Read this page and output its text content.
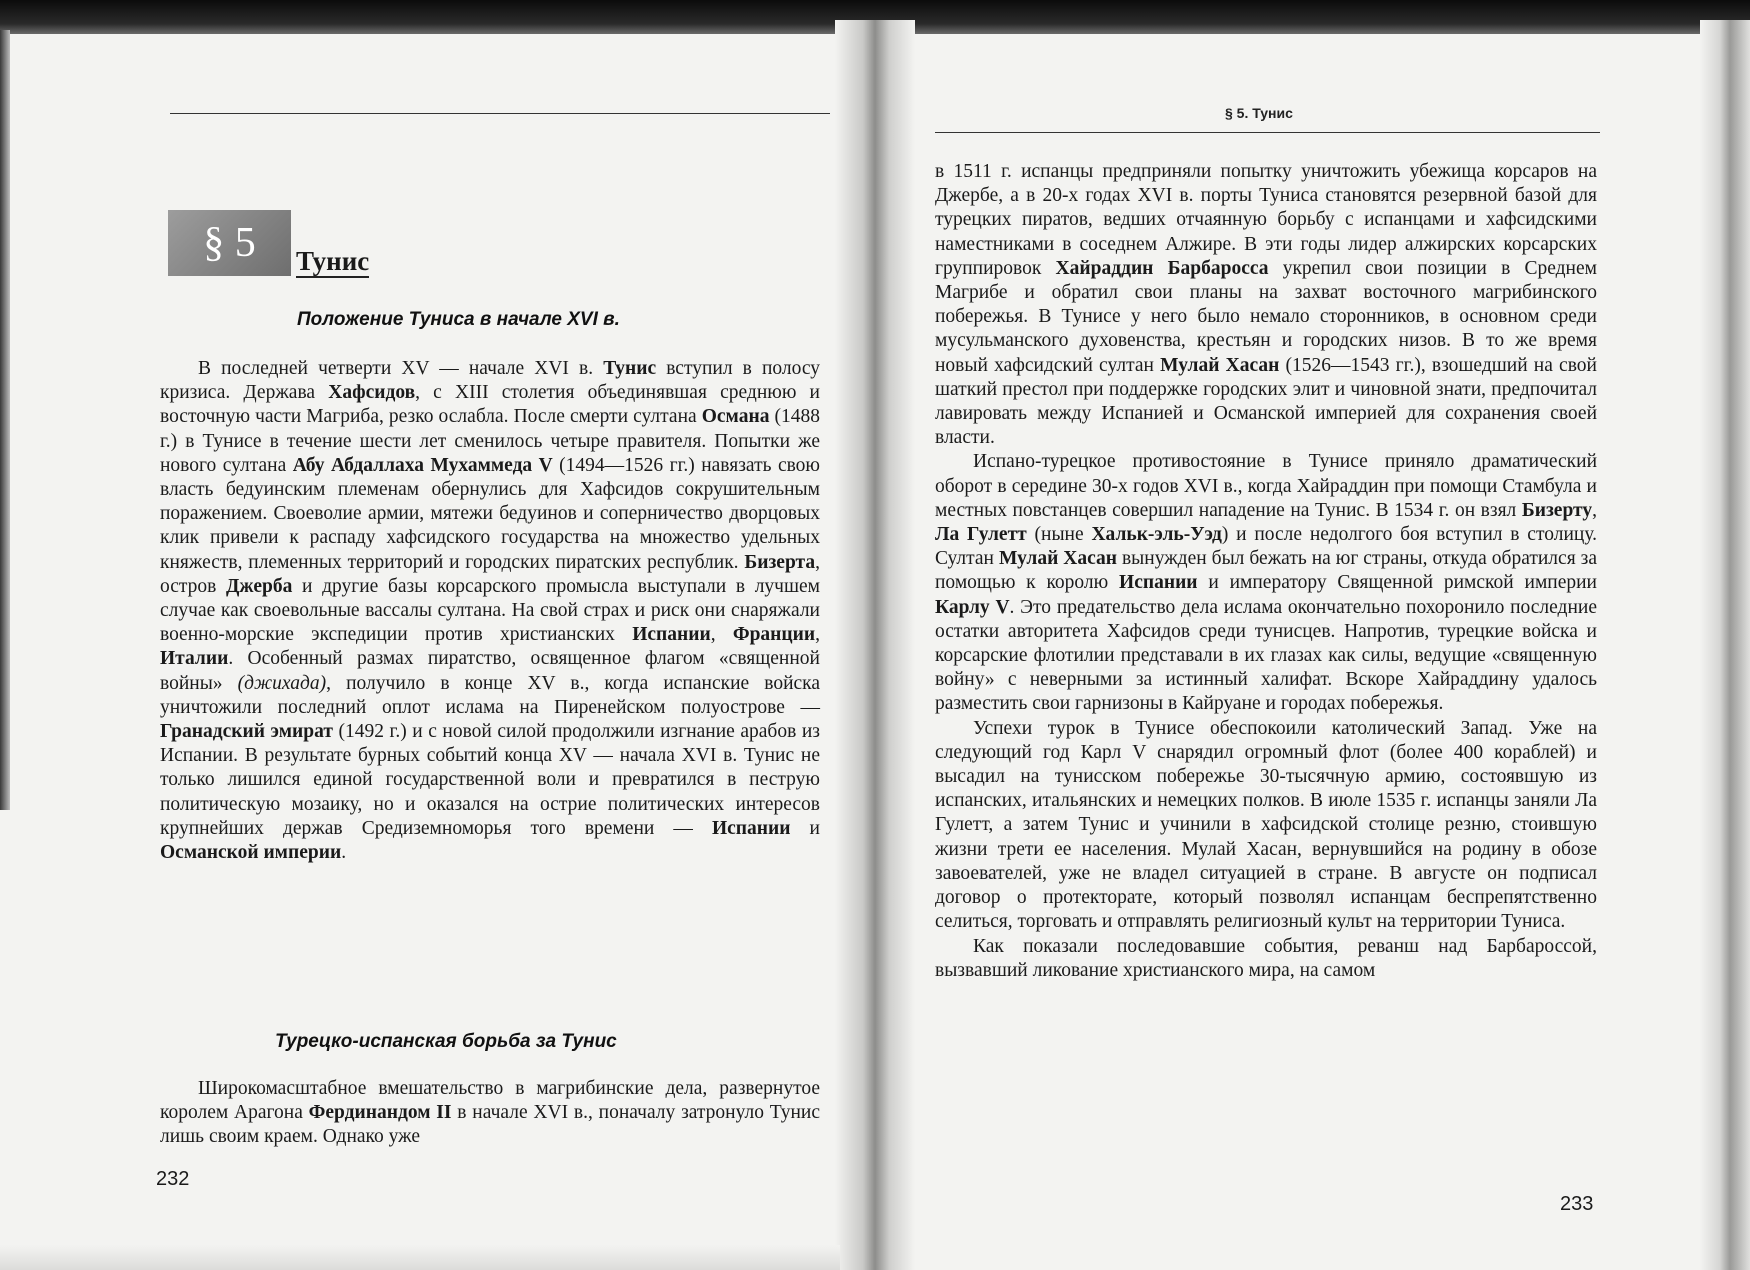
§ 5	Тунис
Положение Туниса в начале XVI в.

В последней четверти XV — начале XVI в. Тунис вступил в полосу кризиса. Держава Хафсидов, с XIII столетия объединявшая среднюю и восточную части Магриба, резко ослабла. После смерти султана Османа (1488 г.) в Тунисе в течение шести лет сменилось четыре правителя. Попытки же нового султана Абу Абдаллаха Мухаммеда V (1494—1526 гг.) навязать свою власть бедуинским племенам обернулись для Хафсидов сокрушительным поражением. Своеволие армии, мятежи бедуинов и соперничество дворцовых клик привели к распаду хафсидского государства на множество удельных княжеств, племенных территорий и городских пиратских республик. Бизерта, остров Джерба и другие базы корсарского промысла выступали в лучшем случае как своевольные вассалы султана. На свой страх и риск они снаряжали военно-морские экспедиции против христианских Испании, Франции, Италии. Особенный размах пиратство, освященное флагом «священной войны» (джихада), получило в конце XV в., когда испанские войска уничтожили последний оплот ислама на Пиренейском полуострове — Гранадский эмират (1492 г.) и с новой силой продолжили изгнание арабов из Испании. В результате бурных событий конца XV — начала XVI в. Тунис не только лишился единой государственной воли и превратился в пеструю политическую мозаику, но и оказался на острие политических интересов крупнейших держав Средиземноморья того времени — Испании и Османской империи.

Турецко-испанская борьба за Тунис

Широкомасштабное вмешательство в магрибинские дела, развернутое королем Арагона Фердинандом II в начале XVI в., поначалу затронуло Тунис лишь своим краем. Однако уже

232
§ 5. Тунис

в 1511 г. испанцы предприняли попытку уничтожить убежища корсаров на Джербе, а в 20-х годах XVI в. порты Туниса становятся резервной базой для турецких пиратов, ведших отчаянную борьбу с испанцами и хафсидскими наместниками в соседнем Алжире. В эти годы лидер алжирских корсарских группировок Хайраддин Барбаросса укрепил свои позиции в Среднем Магрибе и обратил свои планы на захват восточного магрибинского побережья. В Тунисе у него было немало сторонников, в основном среди мусульманского духовенства, крестьян и городских низов. В то же время новый хафсидский султан Мулай Хасан (1526—1543 гг.), взошедший на свой шаткий престол при поддержке городских элит и чиновной знати, предпочитал лавировать между Испанией и Османской империей для сохранения своей власти.

Испано-турецкое противостояние в Тунисе приняло драматический оборот в середине 30-х годов XVI в., когда Хайраддин при помощи Стамбула и местных повстанцев совершил нападение на Тунис. В 1534 г. он взял Бизерту, Ла Гулетт (ныне Хальк-эль-Уэд) и после недолгого боя вступил в столицу. Султан Мулай Хасан вынужден был бежать на юг страны, откуда обратился за помощью к королю Испании и императору Священной римской империи Карлу V. Это предательство дела ислама окончательно похоронило последние остатки авторитета Хафсидов среди тунисцев. Напротив, турецкие войска и корсарские флотилии представали в их глазах как силы, ведущие «священную войну» с неверными за истинный халифат. Вскоре Хайраддину удалось разместить свои гарнизоны в Кайруане и городах побережья.

Успехи турок в Тунисе обеспокоили католический Запад. Уже на следующий год Карл V снарядил огромный флот (более 400 кораблей) и высадил на тунисском побережье 30-тысячную армию, состоявшую из испанских, итальянских и немецких полков. В июле 1535 г. испанцы заняли Ла Гулетт, а затем Тунис и учинили в хафсидской столице резню, стоившую жизни трети ее населения. Мулай Хасан, вернувшийся на родину в обозе завоевателей, уже не владел ситуацией в стране. В августе он подписал договор о протекторате, который позволял испанцам беспрепятственно селиться, торговать и отправлять религиозный культ на территории Туниса.

Как показали последовавшие события, реванш над Барбароссой, вызвавший ликование христианского мира, на самом

233
